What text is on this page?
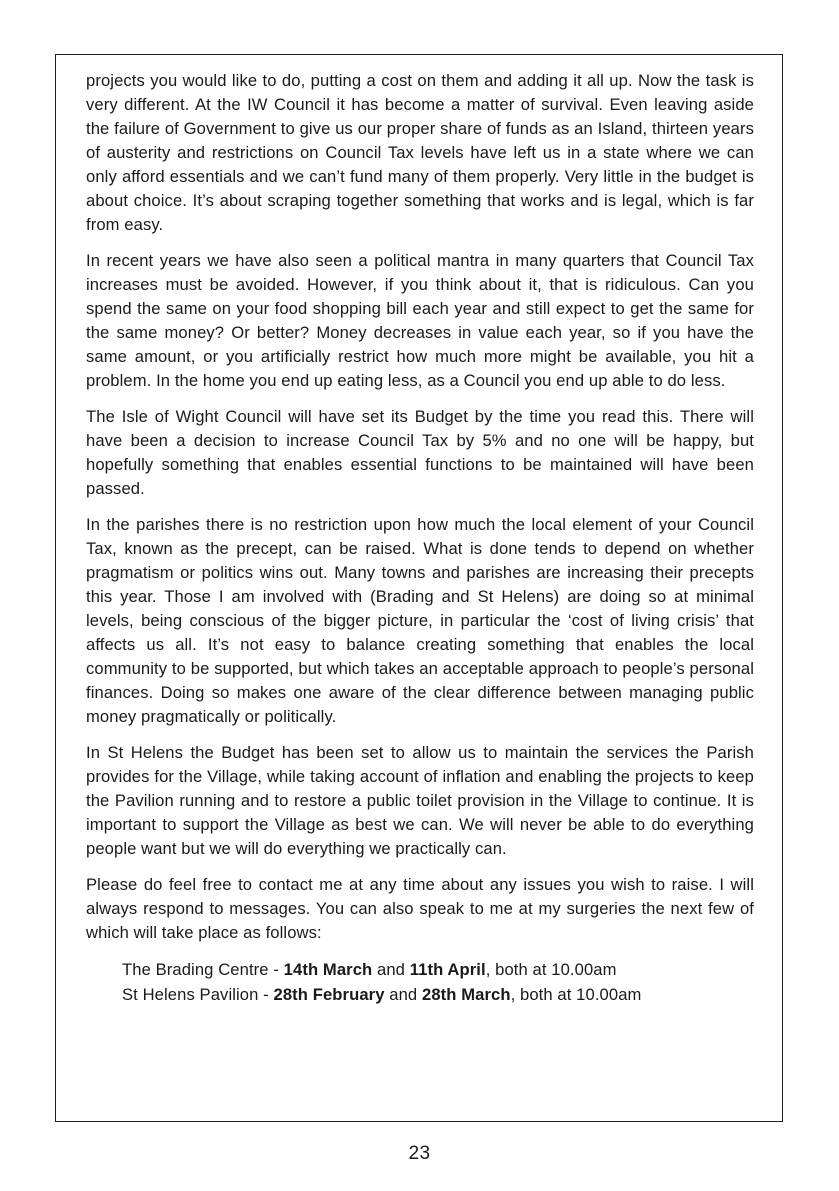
projects you would like to do, putting a cost on them and adding it all up. Now the task is very different. At the IW Council it has become a matter of survival. Even leaving aside the failure of Government to give us our proper share of funds as an Island, thirteen years of austerity and restrictions on Council Tax levels have left us in a state where we can only afford essentials and we can’t fund many of them properly. Very little in the budget is about choice. It’s about scraping together something that works and is legal, which is far from easy.

In recent years we have also seen a political mantra in many quarters that Council Tax increases must be avoided. However, if you think about it, that is ridiculous. Can you spend the same on your food shopping bill each year and still expect to get the same for the same money? Or better? Money decreases in value each year, so if you have the same amount, or you artificially restrict how much more might be available, you hit a problem. In the home you end up eating less, as a Council you end up able to do less.

The Isle of Wight Council will have set its Budget by the time you read this. There will have been a decision to increase Council Tax by 5% and no one will be happy, but hopefully something that enables essential functions to be maintained will have been passed.

In the parishes there is no restriction upon how much the local element of your Council Tax, known as the precept, can be raised. What is done tends to depend on whether pragmatism or politics wins out. Many towns and parishes are increasing their precepts this year. Those I am involved with (Brading and St Helens) are doing so at minimal levels, being conscious of the bigger picture, in particular the ‘cost of living crisis’ that affects us all. It’s not easy to balance creating something that enables the local community to be supported, but which takes an acceptable approach to people’s personal finances. Doing so makes one aware of the clear difference between managing public money pragmatically or politically.

In St Helens the Budget has been set to allow us to maintain the services the Parish provides for the Village, while taking account of inflation and enabling the projects to keep the Pavilion running and to restore a public toilet provision in the Village to continue. It is important to support the Village as best we can. We will never be able to do everything people want but we will do everything we practically can.

Please do feel free to contact me at any time about any issues you wish to raise. I will always respond to messages. You can also speak to me at my surgeries the next few of which will take place as follows:

The Brading Centre - 14th March and 11th April, both at 10.00am
St Helens Pavilion - 28th February and 28th March, both at 10.00am
23
